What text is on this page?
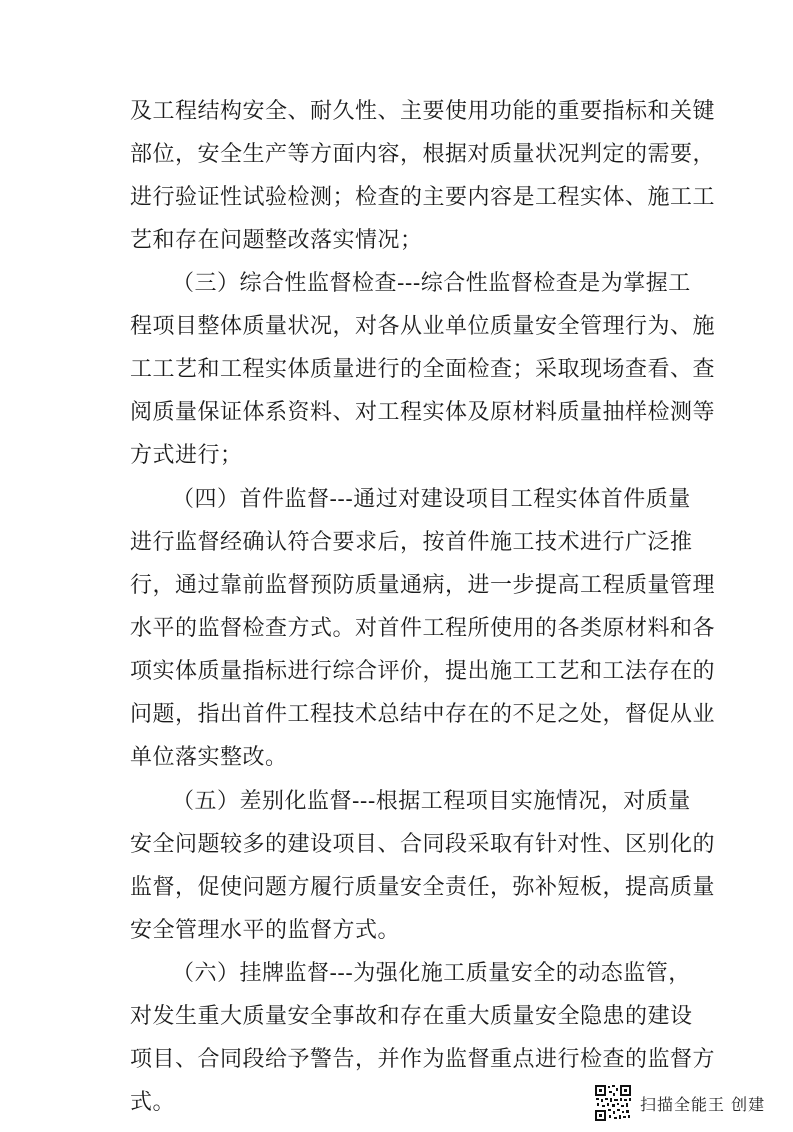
及工程结构安全、耐久性、主要使用功能的重要指标和关键
部位，安全生产等方面内容，根据对质量状况判定的需要，
进行验证性试验检测；检查的主要内容是工程实体、施工工
艺和存在问题整改落实情况；
（三）综合性监督检查---综合性监督检查是为掌握工
程项目整体质量状况，对各从业单位质量安全管理行为、施
工工艺和工程实体质量进行的全面检查；采取现场查看、查
阅质量保证体系资料、对工程实体及原材料质量抽样检测等
方式进行；
（四）首件监督---通过对建设项目工程实体首件质量
进行监督经确认符合要求后，按首件施工技术进行广泛推
行，通过靠前监督预防质量通病，进一步提高工程质量管理
水平的监督检查方式。对首件工程所使用的各类原材料和各
项实体质量指标进行综合评价，提出施工工艺和工法存在的
问题，指出首件工程技术总结中存在的不足之处，督促从业
单位落实整改。
（五）差别化监督---根据工程项目实施情况，对质量
安全问题较多的建设项目、合同段采取有针对性、区别化的
监督，促使问题方履行质量安全责任，弥补短板，提高质量
安全管理水平的监督方式。
（六）挂牌监督---为强化施工质量安全的动态监管，
对发生重大质量安全事故和存在重大质量安全隐患的建设
项目、合同段给予警告，并作为监督重点进行检查的监督方
式。	扫描全能王 创建
